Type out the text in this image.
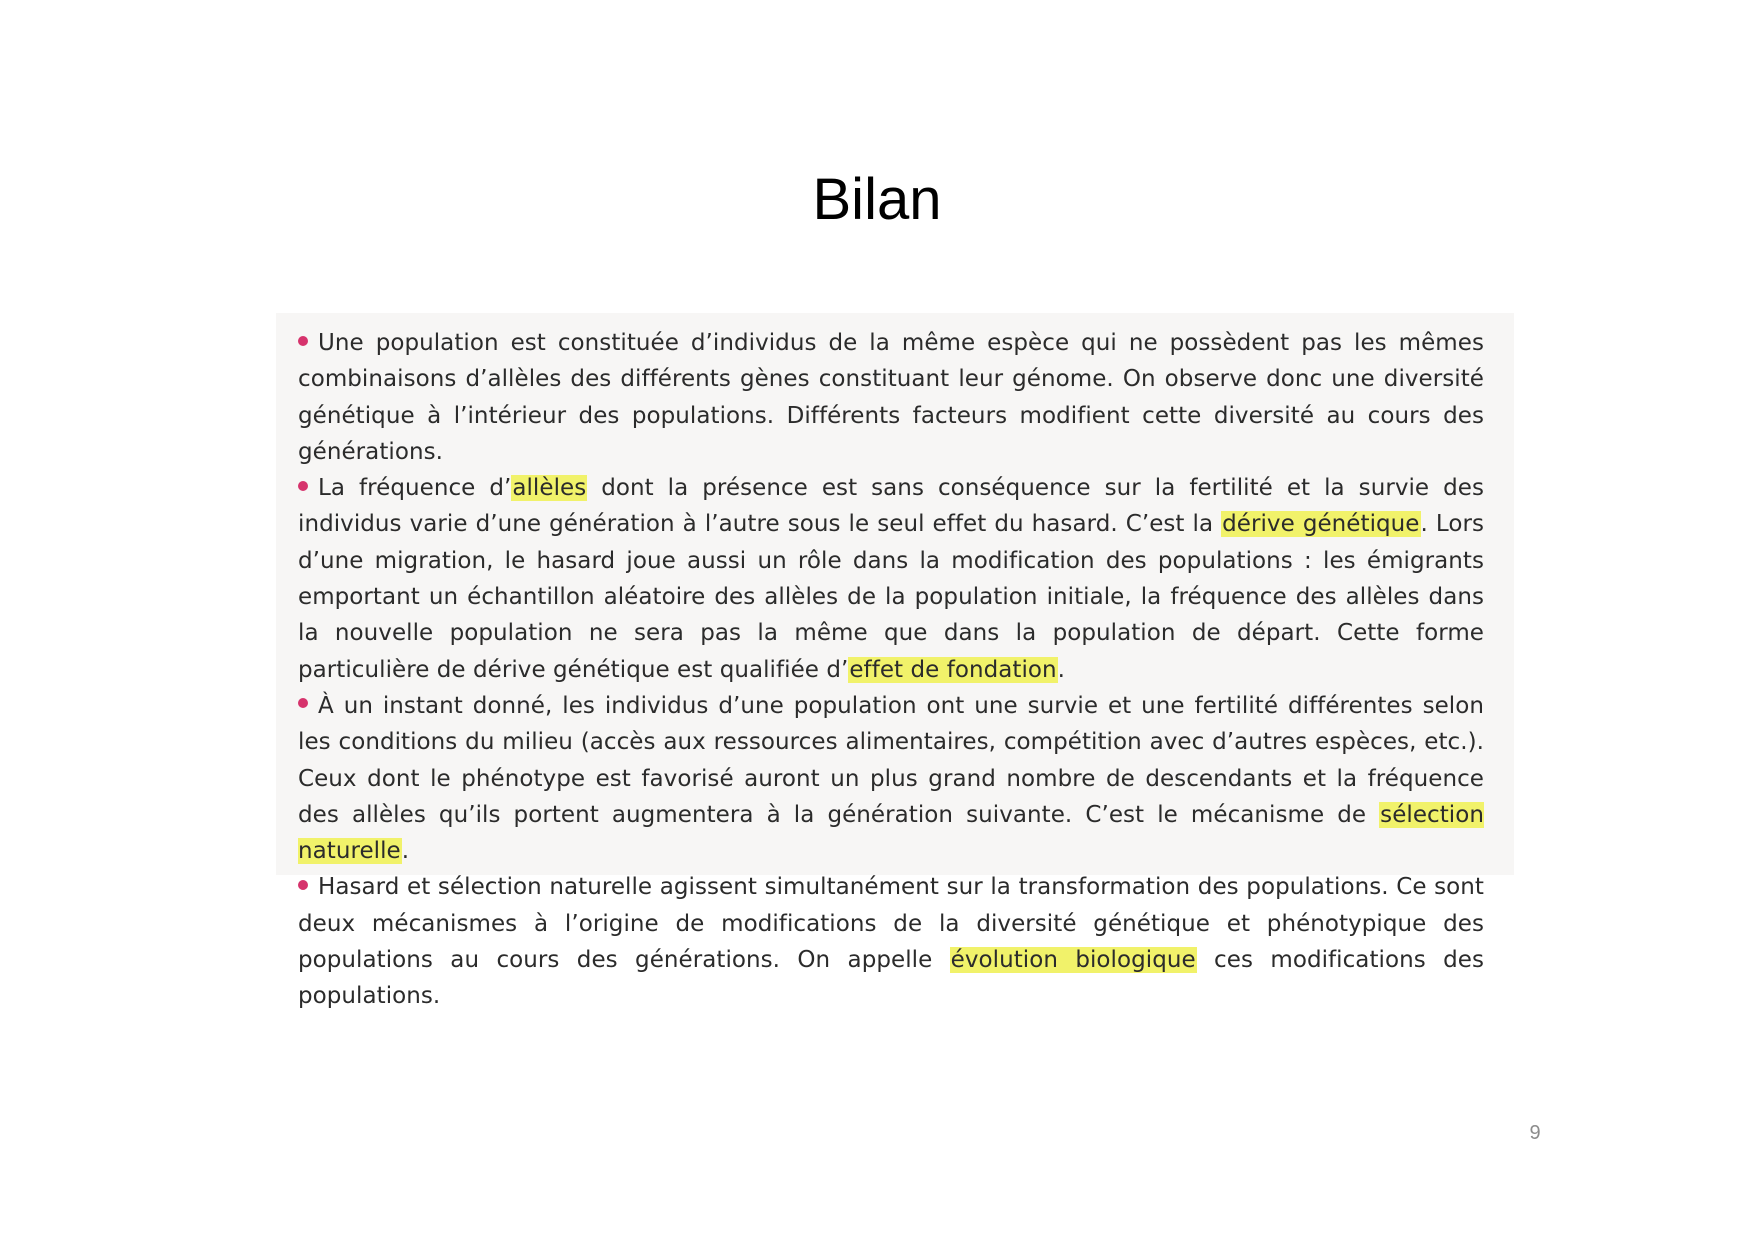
Bilan

Une population est constituée d’individus de la même espèce qui ne possèdent pas les mêmes combinaisons d’allèles des différents gènes constituant leur génome. On observe donc une diversité génétique à l’intérieur des populations. Différents facteurs modifient cette diversité au cours des générations.

La fréquence d’allèles dont la présence est sans conséquence sur la fertilité et la survie des individus varie d’une génération à l’autre sous le seul effet du hasard. C’est la dérive génétique. Lors d’une migration, le hasard joue aussi un rôle dans la modification des populations : les émigrants emportant un échantillon aléatoire des allèles de la population initiale, la fréquence des allèles dans la nouvelle population ne sera pas la même que dans la population de départ. Cette forme particulière de dérive génétique est qualifiée d’effet de fondation.

À un instant donné, les individus d’une population ont une survie et une fertilité différentes selon les conditions du milieu (accès aux ressources alimentaires, compétition avec d’autres espèces, etc.). Ceux dont le phénotype est favorisé auront un plus grand nombre de descendants et la fréquence des allèles qu’ils portent augmentera à la génération suivante. C’est le mécanisme de sélection naturelle.

Hasard et sélection naturelle agissent simultanément sur la transformation des populations. Ce sont deux mécanismes à l’origine de modifications de la diversité génétique et phénotypique des populations au cours des générations. On appelle évolution biologique ces modifications des populations.

9
